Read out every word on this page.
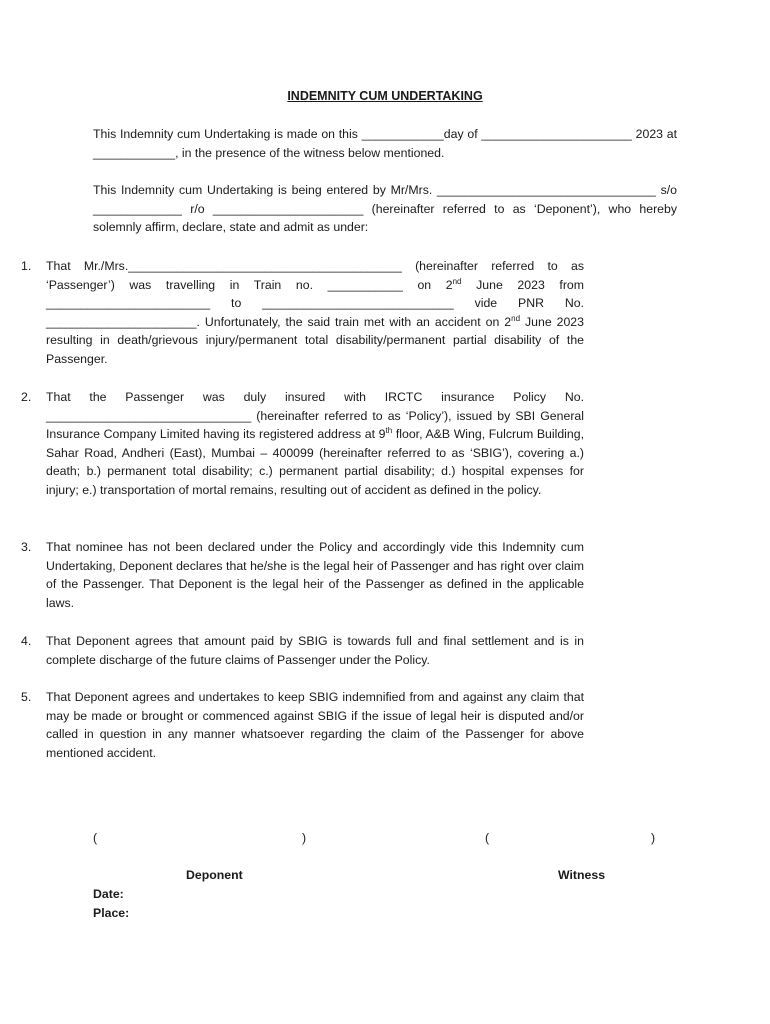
INDEMNITY CUM UNDERTAKING

This Indemnity cum Undertaking is made on this ____________day of ______________________ 2023 at ____________, in the presence of the witness below mentioned.

This Indemnity cum Undertaking is being entered by Mr/Mrs. ________________________________ s/o _____________ r/o ______________________ (hereinafter referred to as ‘Deponent’), who hereby solemnly affirm, declare, state and admit as under:

1.	That Mr./Mrs.________________________________________ (hereinafter referred to as ‘Passenger’) was travelling in Train no. ___________ on 2nd June 2023 from ________________________ to ____________________________ vide PNR No. ______________________. Unfortunately, the said train met with an accident on 2nd June 2023 resulting in death/grievous injury/permanent total disability/permanent partial disability of the Passenger.
2.	That the Passenger was duly insured with IRCTC insurance Policy No. ______________________________ (hereinafter referred to as ‘Policy’), issued by SBI General Insurance Company Limited having its registered address at 9th floor, A&B Wing, Fulcrum Building, Sahar Road, Andheri (East), Mumbai – 400099 (hereinafter referred to as ‘SBIG’), covering a.) death; b.) permanent total disability; c.) permanent partial disability; d.) hospital expenses for injury; e.) transportation of mortal remains, resulting out of accident as defined in the policy.
3.	That nominee has not been declared under the Policy and accordingly vide this Indemnity cum Undertaking, Deponent declares that he/she is the legal heir of Passenger and has right over claim of the Passenger. That Deponent is the legal heir of the Passenger as defined in the applicable laws.
4.	That Deponent agrees that amount paid by SBIG is towards full and final settlement and is in complete discharge of the future claims of Passenger under the Policy.
5.	That Deponent agrees and undertakes to keep SBIG indemnified from and against any claim that may be made or brought or commenced against SBIG if the issue of legal heir is disputed and/or called in question in any manner whatsoever regarding the claim of the Passenger for above mentioned accident.
(	)	(	)
Deponent	Witness
Date:
Place:
